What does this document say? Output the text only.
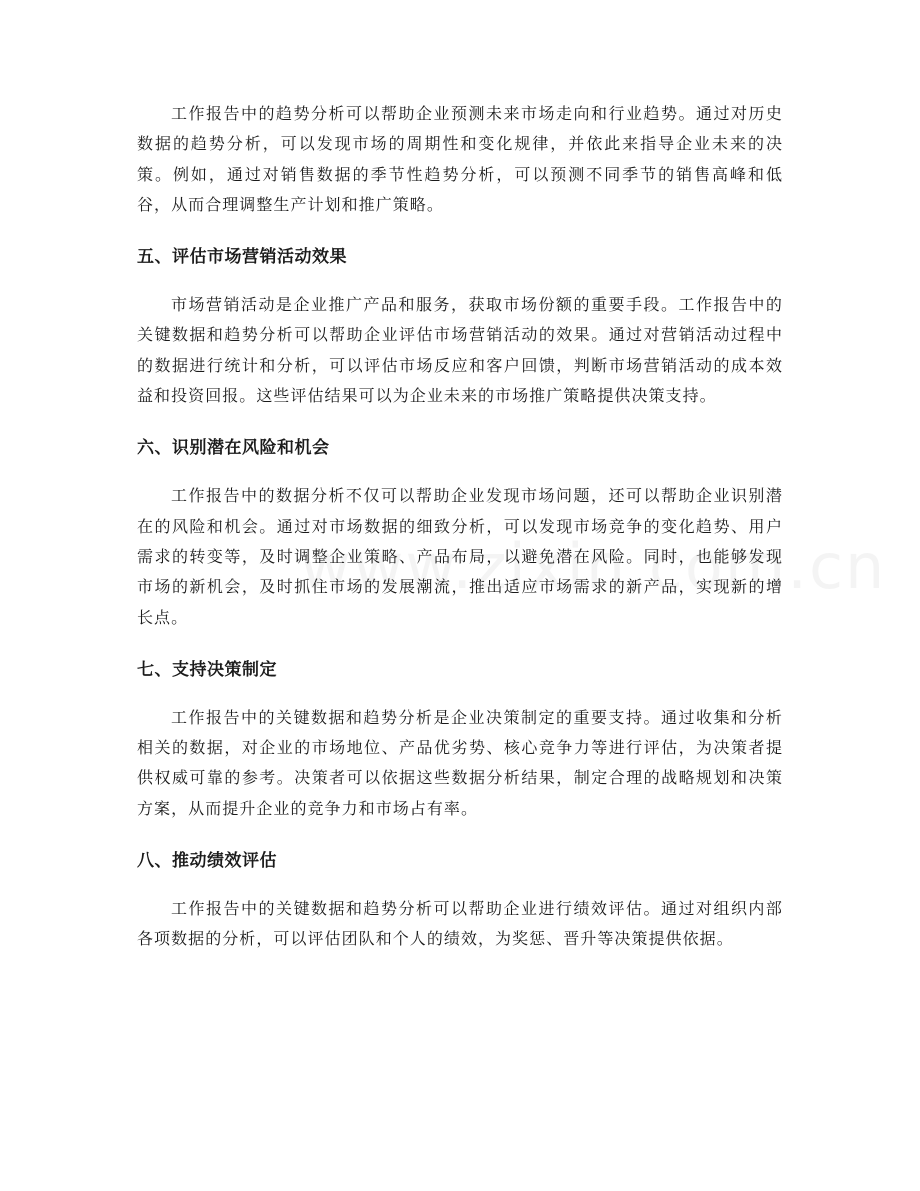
工作报告中的趋势分析可以帮助企业预测未来市场走向和行业趋势。通过对历史数据的趋势分析，可以发现市场的周期性和变化规律，并依此来指导企业未来的决策。例如，通过对销售数据的季节性趋势分析，可以预测不同季节的销售高峰和低谷，从而合理调整生产计划和推广策略。

五、评估市场营销活动效果

市场营销活动是企业推广产品和服务，获取市场份额的重要手段。工作报告中的关键数据和趋势分析可以帮助企业评估市场营销活动的效果。通过对营销活动过程中的数据进行统计和分析，可以评估市场反应和客户回馈，判断市场营销活动的成本效益和投资回报。这些评估结果可以为企业未来的市场推广策略提供决策支持。

六、识别潜在风险和机会

工作报告中的数据分析不仅可以帮助企业发现市场问题，还可以帮助企业识别潜在的风险和机会。通过对市场数据的细致分析，可以发现市场竞争的变化趋势、用户需求的转变等，及时调整企业策略、产品布局，以避免潜在风险。同时，也能够发现市场的新机会，及时抓住市场的发展潮流，推出适应市场需求的新产品，实现新的增长点。

七、支持决策制定

工作报告中的关键数据和趋势分析是企业决策制定的重要支持。通过收集和分析相关的数据，对企业的市场地位、产品优劣势、核心竞争力等进行评估，为决策者提供权威可靠的参考。决策者可以依据这些数据分析结果，制定合理的战略规划和决策方案，从而提升企业的竞争力和市场占有率。

八、推动绩效评估

工作报告中的关键数据和趋势分析可以帮助企业进行绩效评估。通过对组织内部各项数据的分析，可以评估团队和个人的绩效，为奖惩、晋升等决策提供依据。
